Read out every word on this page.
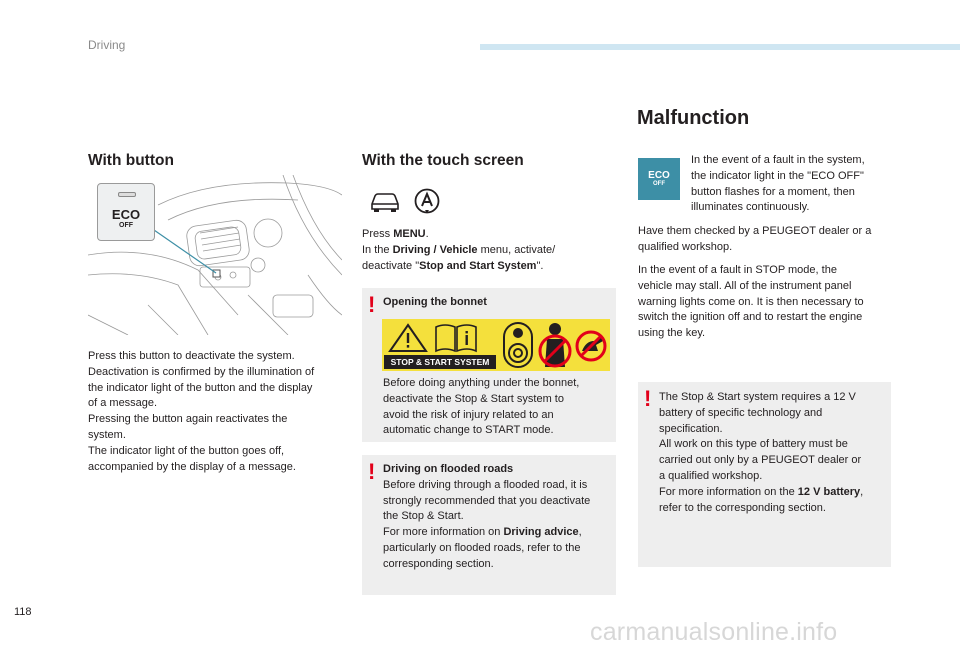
Driving
With button
ECO
OFF

Press this button to deactivate the system.

Deactivation is confirmed by the illumination of

the indicator light of the button and the display

of a message.

Pressing the button again reactivates the

system.

The indicator light of the button goes off,

accompanied by the display of a message.

With the touch screen

Press MENU.

In the Driving / Vehicle menu, activate/

deactivate "Stop and Start System".

! Opening the bonnet
STOP & START SYSTEM

Before doing anything under the bonnet,

deactivate the Stop & Start system to

avoid the risk of injury related to an

automatic change to START mode.

! Driving on flooded roads

Before driving through a flooded road, it is

strongly recommended that you deactivate

the Stop & Start.

For more information on Driving advice,

particularly on flooded roads, refer to the

corresponding section.

Malfunction
ECO
OFF

In the event of a fault in the system,

the indicator light in the "ECO OFF"

button flashes for a moment, then

illuminates continuously.

Have them checked by a PEUGEOT dealer or a

qualified workshop.

In the event of a fault in STOP mode, the

vehicle may stall. All of the instrument panel

warning lights come on. It is then necessary to

switch the ignition off and to restart the engine

using the key.

! The Stop & Start system requires a 12 V

battery of specific technology and

specification.

All work on this type of battery must be

carried out only by a PEUGEOT dealer or

a qualified workshop.

For more information on the 12 V battery,

refer to the corresponding section.

118
carmanualsonline.info
